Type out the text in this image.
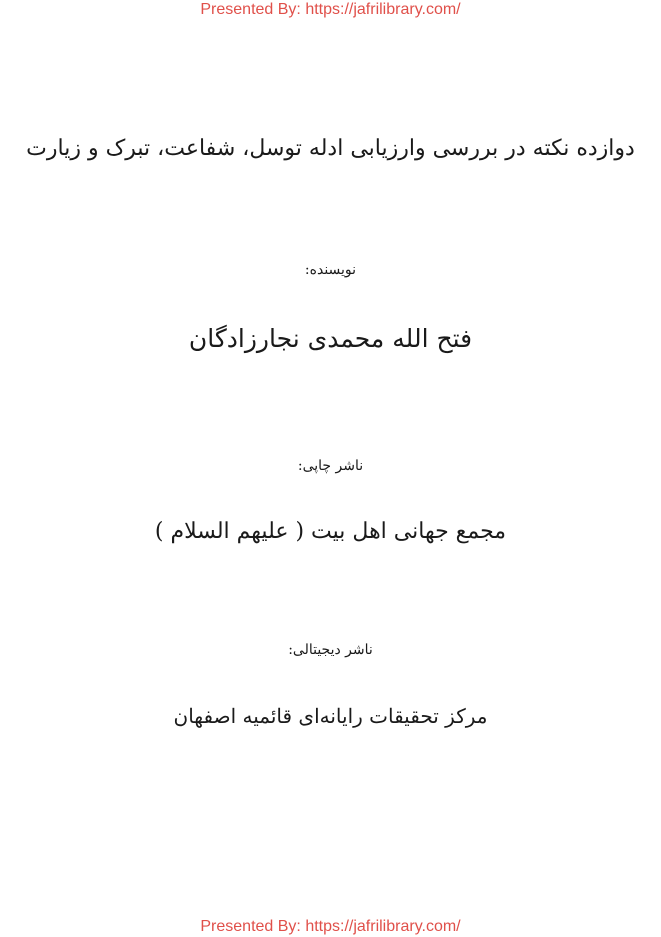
Presented By: https://jafrilibrary.com/
دوازده نکته در بررسی وارزیابی ادله توسل، شفاعت، تبرک و زیارت
نویسنده:
فتح الله محمدی نجارزادگان
ناشر چاپی:
مجمع جهانی اهل بیت ( علیهم السلام )
ناشر دیجیتالی:
مرکز تحقیقات رایانه‌ای قائمیه اصفهان
Presented By: https://jafrilibrary.com/
